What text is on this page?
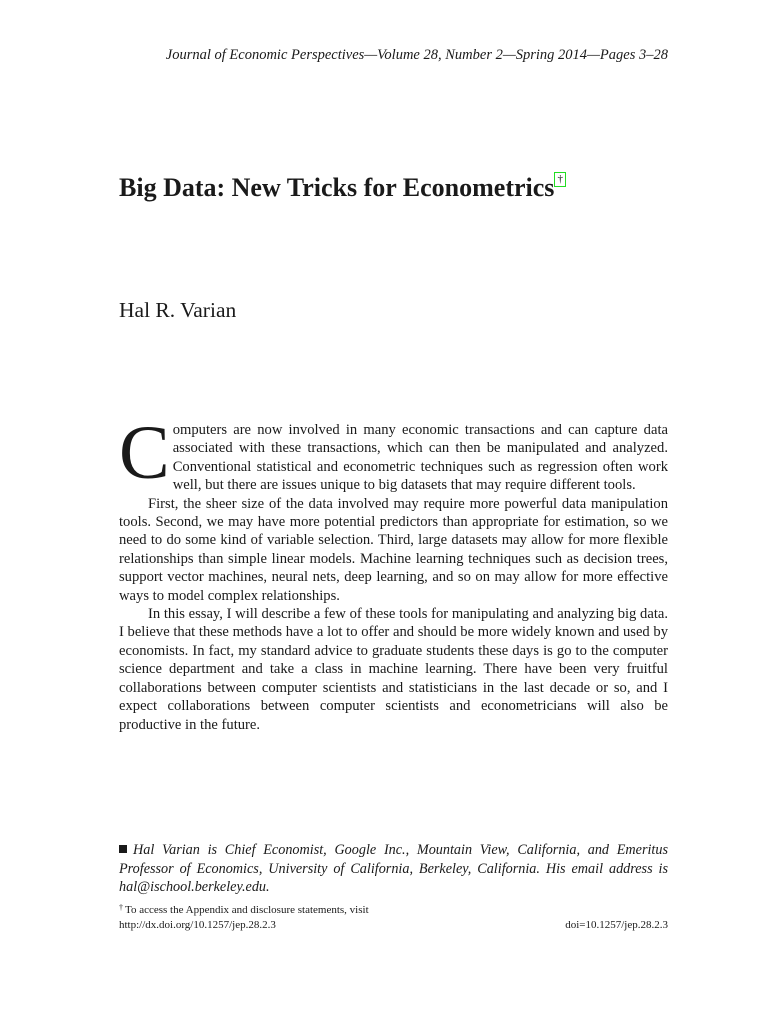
Journal of Economic Perspectives—Volume 28, Number 2—Spring 2014—Pages 3–28
Big Data: New Tricks for Econometrics †
Hal R. Varian

Computers are now involved in many economic transactions and can capture data associated with these transactions, which can then be manipulated and analyzed. Conventional statistical and econometric techniques such as regression often work well, but there are issues unique to big datasets that may require different tools.

First, the sheer size of the data involved may require more powerful data manipulation tools. Second, we may have more potential predictors than appropriate for estimation, so we need to do some kind of variable selection. Third, large datasets may allow for more flexible relationships than simple linear models. Machine learning techniques such as decision trees, support vector machines, neural nets, deep learning, and so on may allow for more effective ways to model complex relationships.

In this essay, I will describe a few of these tools for manipulating and analyzing big data. I believe that these methods have a lot to offer and should be more widely known and used by economists. In fact, my standard advice to graduate students these days is go to the computer science department and take a class in machine learning. There have been very fruitful collaborations between computer scientists and statisticians in the last decade or so, and I expect collaborations between computer scientists and econometricians will also be productive in the future.

Hal Varian is Chief Economist, Google Inc., Mountain View, California, and Emeritus Professor of Economics, University of California, Berkeley, California. His email address is hal@ischool.berkeley.edu.

† To access the Appendix and disclosure statements, visit
http://dx.doi.org/10.1257/jep.28.2.3	doi=10.1257/jep.28.2.3
